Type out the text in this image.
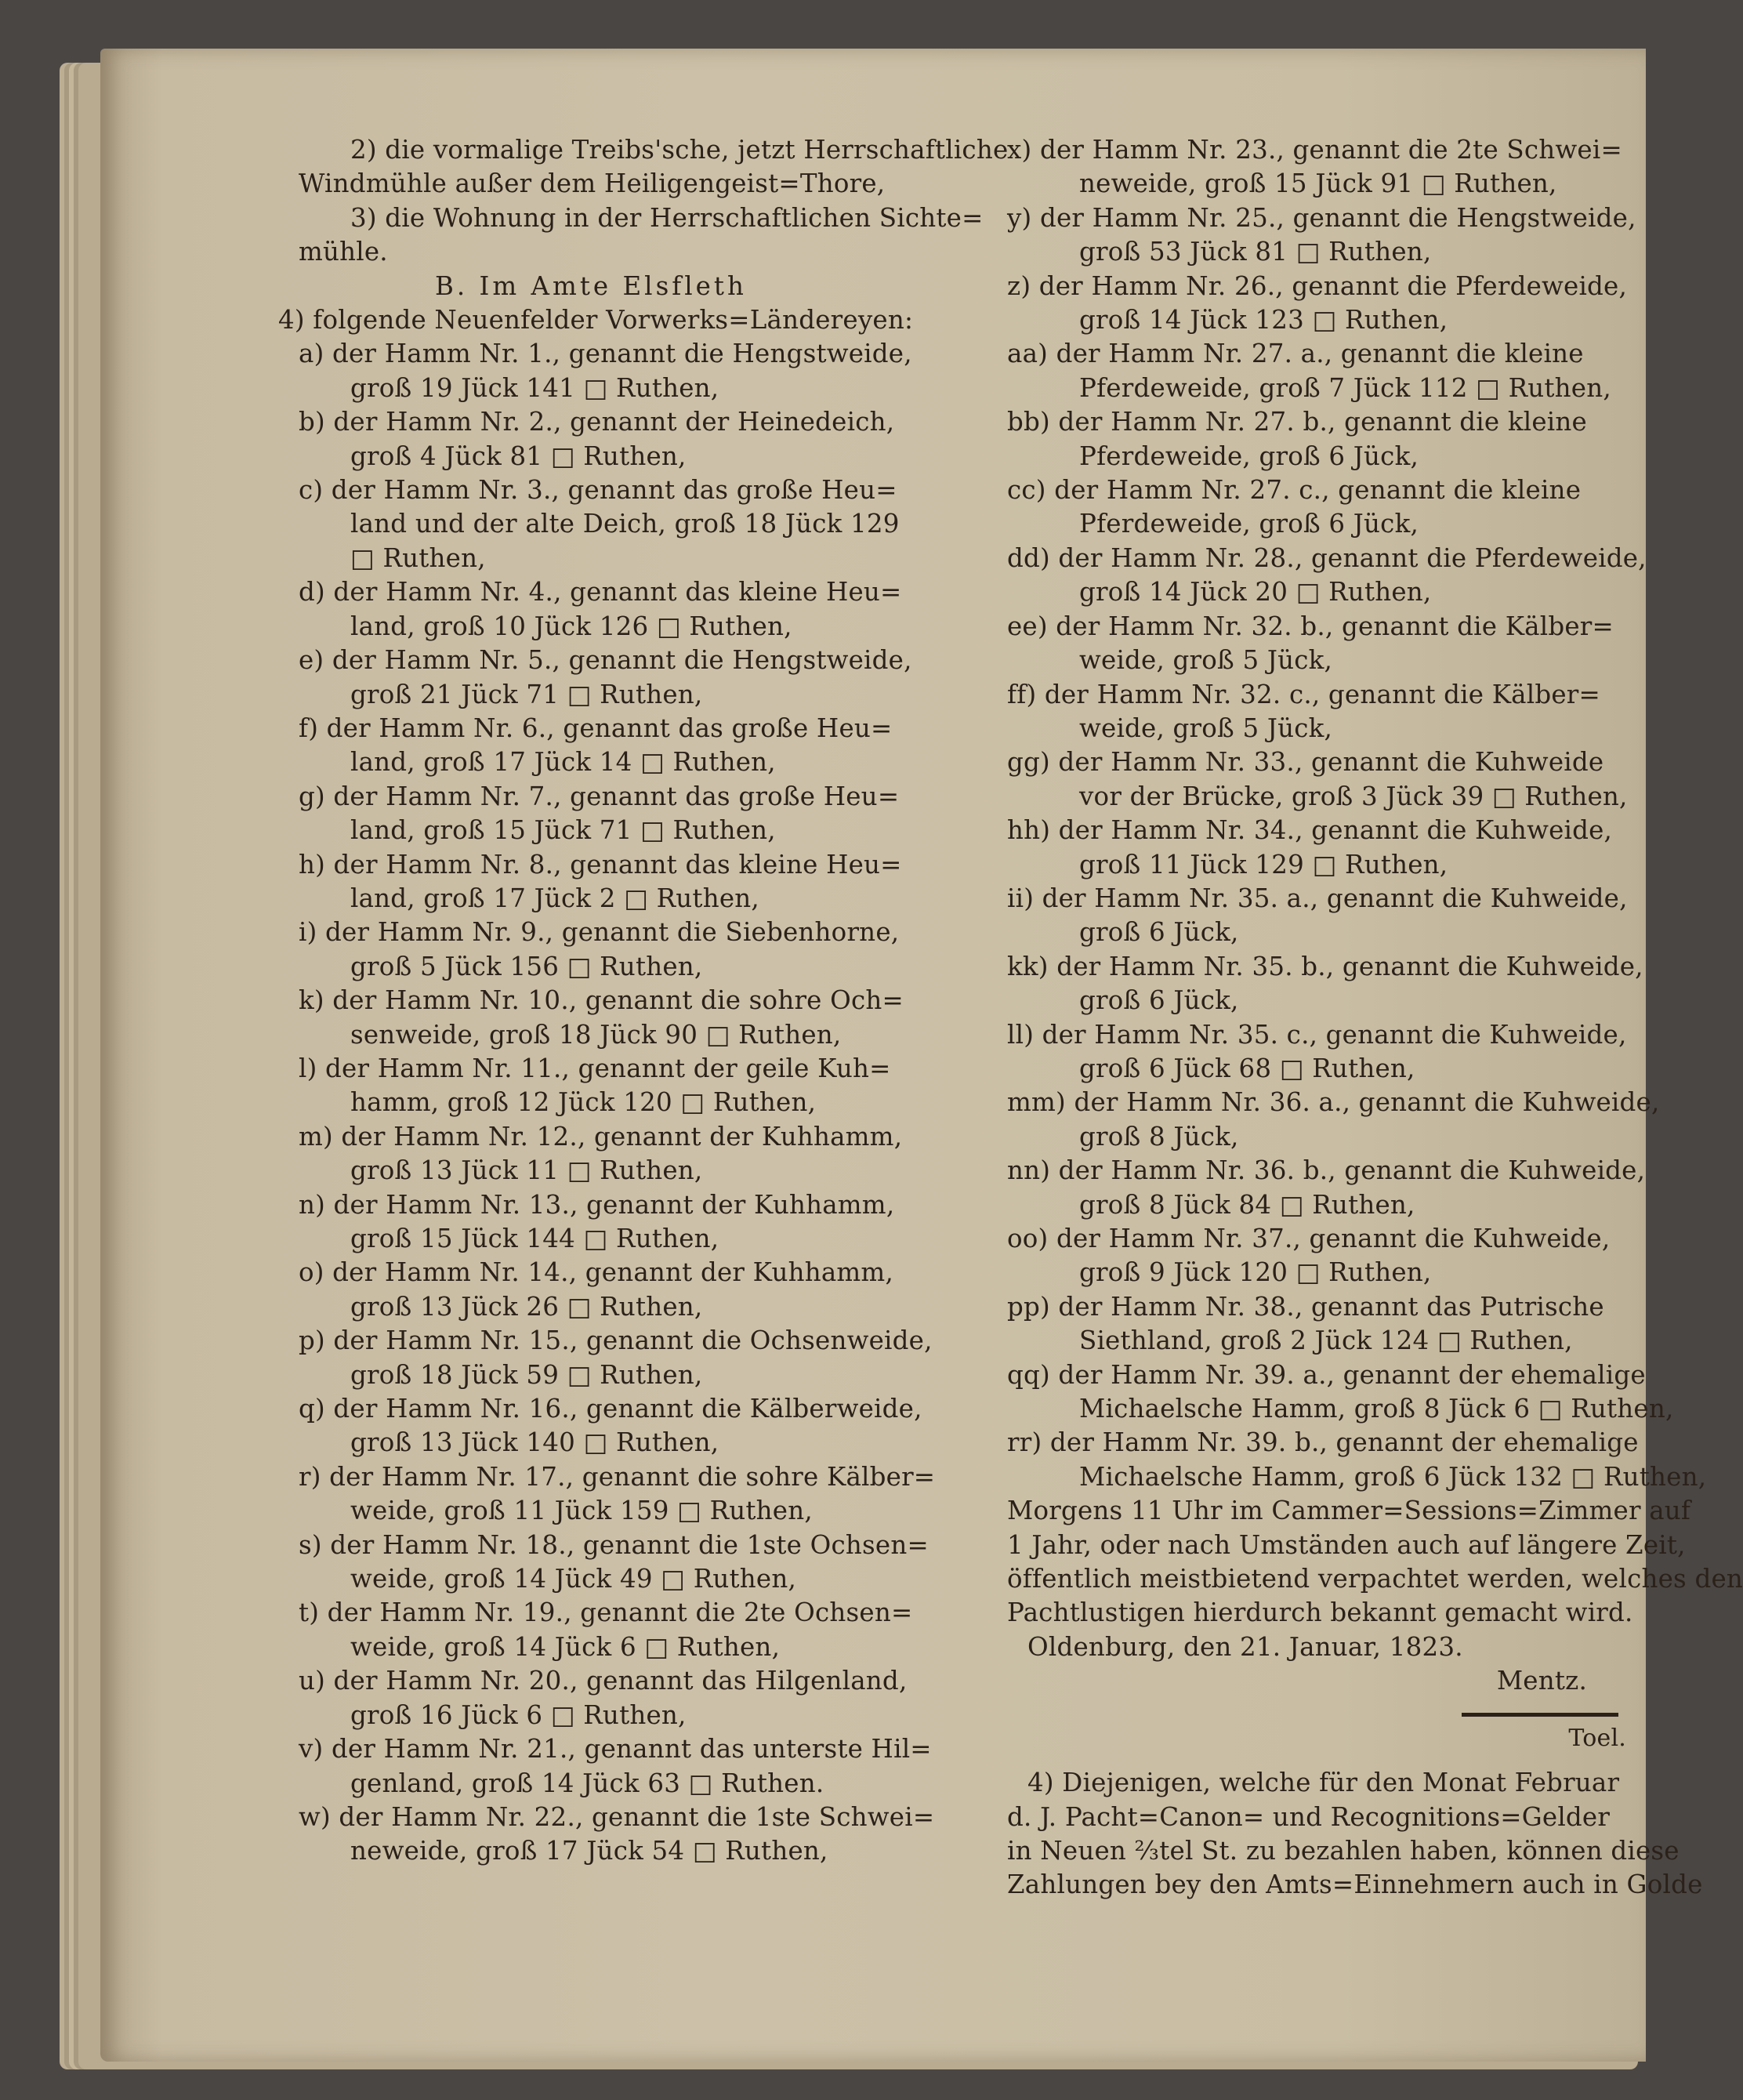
2) die vormalige Treibs'sche, jetzt Herrschaftliche
Windmühle außer dem Heiligengeist=Thore,
3) die Wohnung in der Herrschaftlichen Sichte=
mühle.
B. Im Amte Elsfleth
4) folgende Neuenfelder Vorwerks=Ländereyen:
a) der Hamm Nr. 1., genannt die Hengstweide,
groß 19 Jück 141 □ Ruthen,
b) der Hamm Nr. 2., genannt der Heinedeich,
groß 4 Jück 81 □ Ruthen,
c) der Hamm Nr. 3., genannt das große Heu=
land und der alte Deich, groß 18 Jück 129
□ Ruthen,
d) der Hamm Nr. 4., genannt das kleine Heu=
land, groß 10 Jück 126 □ Ruthen,
e) der Hamm Nr. 5., genannt die Hengstweide,
groß 21 Jück 71 □ Ruthen,
f) der Hamm Nr. 6., genannt das große Heu=
land, groß 17 Jück 14 □ Ruthen,
g) der Hamm Nr. 7., genannt das große Heu=
land, groß 15 Jück 71 □ Ruthen,
h) der Hamm Nr. 8., genannt das kleine Heu=
land, groß 17 Jück 2 □ Ruthen,
i) der Hamm Nr. 9., genannt die Siebenhorne,
groß 5 Jück 156 □ Ruthen,
k) der Hamm Nr. 10., genannt die sohre Och=
senweide, groß 18 Jück 90 □ Ruthen,
l) der Hamm Nr. 11., genannt der geile Kuh=
hamm, groß 12 Jück 120 □ Ruthen,
m) der Hamm Nr. 12., genannt der Kuhhamm,
groß 13 Jück 11 □ Ruthen,
n) der Hamm Nr. 13., genannt der Kuhhamm,
groß 15 Jück 144 □ Ruthen,
o) der Hamm Nr. 14., genannt der Kuhhamm,
groß 13 Jück 26 □ Ruthen,
p) der Hamm Nr. 15., genannt die Ochsenweide,
groß 18 Jück 59 □ Ruthen,
q) der Hamm Nr. 16., genannt die Kälberweide,
groß 13 Jück 140 □ Ruthen,
r) der Hamm Nr. 17., genannt die sohre Kälber=
weide, groß 11 Jück 159 □ Ruthen,
s) der Hamm Nr. 18., genannt die 1ste Ochsen=
weide, groß 14 Jück 49 □ Ruthen,
t) der Hamm Nr. 19., genannt die 2te Ochsen=
weide, groß 14 Jück 6 □ Ruthen,
u) der Hamm Nr. 20., genannt das Hilgenland,
groß 16 Jück 6 □ Ruthen,
v) der Hamm Nr. 21., genannt das unterste Hil=
genland, groß 14 Jück 63 □ Ruthen.
w) der Hamm Nr. 22., genannt die 1ste Schwei=
neweide, groß 17 Jück 54 □ Ruthen,
x) der Hamm Nr. 23., genannt die 2te Schwei=
neweide, groß 15 Jück 91 □ Ruthen,
y) der Hamm Nr. 25., genannt die Hengstweide,
groß 53 Jück 81 □ Ruthen,
z) der Hamm Nr. 26., genannt die Pferdeweide,
groß 14 Jück 123 □ Ruthen,
aa) der Hamm Nr. 27. a., genannt die kleine
Pferdeweide, groß 7 Jück 112 □ Ruthen,
bb) der Hamm Nr. 27. b., genannt die kleine
Pferdeweide, groß 6 Jück,
cc) der Hamm Nr. 27. c., genannt die kleine
Pferdeweide, groß 6 Jück,
dd) der Hamm Nr. 28., genannt die Pferdeweide,
groß 14 Jück 20 □ Ruthen,
ee) der Hamm Nr. 32. b., genannt die Kälber=
weide, groß 5 Jück,
ff) der Hamm Nr. 32. c., genannt die Kälber=
weide, groß 5 Jück,
gg) der Hamm Nr. 33., genannt die Kuhweide
vor der Brücke, groß 3 Jück 39 □ Ruthen,
hh) der Hamm Nr. 34., genannt die Kuhweide,
groß 11 Jück 129 □ Ruthen,
ii) der Hamm Nr. 35. a., genannt die Kuhweide,
groß 6 Jück,
kk) der Hamm Nr. 35. b., genannt die Kuhweide,
groß 6 Jück,
ll) der Hamm Nr. 35. c., genannt die Kuhweide,
groß 6 Jück 68 □ Ruthen,
mm) der Hamm Nr. 36. a., genannt die Kuhweide,
groß 8 Jück,
nn) der Hamm Nr. 36. b., genannt die Kuhweide,
groß 8 Jück 84 □ Ruthen,
oo) der Hamm Nr. 37., genannt die Kuhweide,
groß 9 Jück 120 □ Ruthen,
pp) der Hamm Nr. 38., genannt das Putrische
Siethland, groß 2 Jück 124 □ Ruthen,
qq) der Hamm Nr. 39. a., genannt der ehemalige
Michaelsche Hamm, groß 8 Jück 6 □ Ruthen,
rr) der Hamm Nr. 39. b., genannt der ehemalige
Michaelsche Hamm, groß 6 Jück 132 □ Ruthen,
Morgens 11 Uhr im Cammer=Sessions=Zimmer auf
1 Jahr, oder nach Umständen auch auf längere Zeit,
öffentlich meistbietend verpachtet werden, welches den
Pachtlustigen hierdurch bekannt gemacht wird.
Oldenburg, den 21. Januar, 1823.
Mentz.
Toel.
4) Diejenigen, welche für den Monat Februar
d. J. Pacht=Canon= und Recognitions=Gelder
in Neuen ⅔tel St. zu bezahlen haben, können diese
Zahlungen bey den Amts=Einnehmern auch in Golde
